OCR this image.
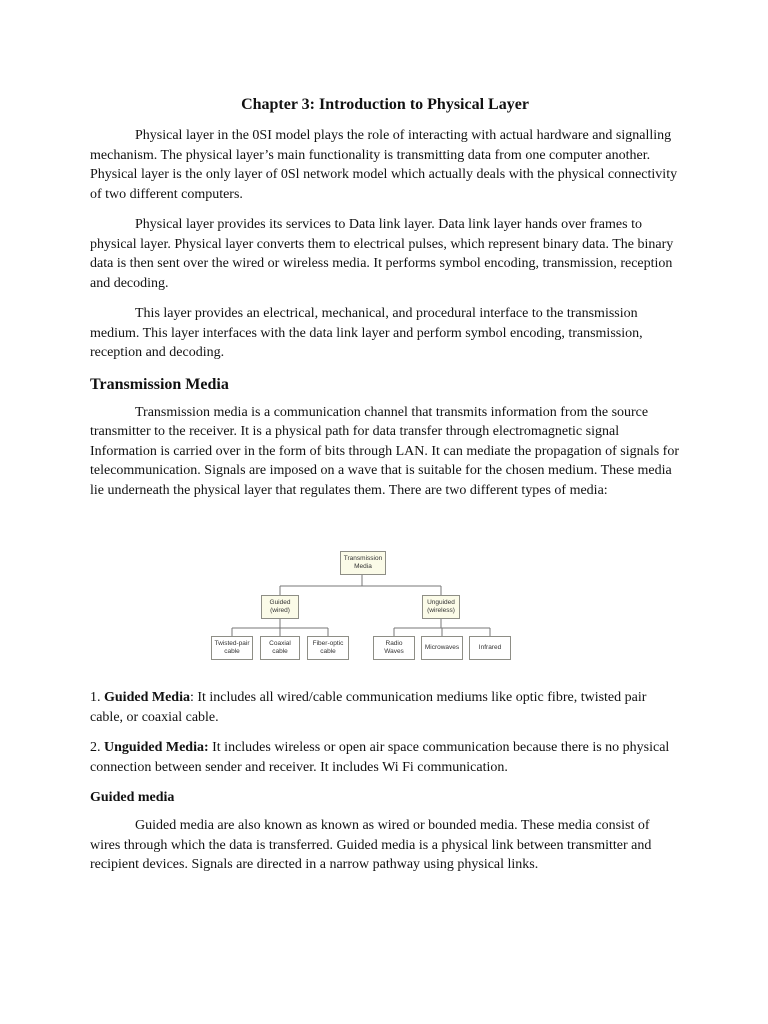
Chapter 3: Introduction to Physical Layer

Physical layer in the 0SI model plays the role of interacting with actual hardware and signalling mechanism. The physical layer’s main functionality is transmitting data from one computer another. Physical layer is the only layer of 0Sl network model which actually deals with the physical connectivity of two different computers.

Physical layer provides its services to Data link layer. Data link layer hands over frames to physical layer. Physical layer converts them to electrical pulses, which represent binary data. The binary data is then sent over the wired or wireless media. It performs symbol encoding, transmission, reception and decoding.

This layer provides an electrical, mechanical, and procedural interface to the transmission medium. This layer interfaces with the data link layer and perform symbol encoding, transmission, reception and decoding.

Transmission Media

Transmission media is a communication channel that transmits information from the source transmitter to the receiver. It is a physical path for data transfer through electromagnetic signal Information is carried over in the form of bits through LAN. It can mediate the propagation of signals for telecommunication. Signals are imposed on a wave that is suitable for the chosen medium. These media lie underneath the physical layer that regulates them. There are two different types of media:

Transmission
Media
Guided
(wired)
Unguided
(wireless)
Twisted-pair
cable
Coaxial
cable
Fiber-optic
cable
Radio
Waves
Microwaves	Infrared

1. Guided Media: It includes all wired/cable communication mediums like optic fibre, twisted pair cable, or coaxial cable.

2. Unguided Media: It includes wireless or open air space communication because there is no physical connection between sender and receiver. It includes Wi Fi communication.

Guided media

Guided media are also known as known as wired or bounded media. These media consist of wires through which the data is transferred. Guided media is a physical link between transmitter and recipient devices. Signals are directed in a narrow pathway using physical links.
